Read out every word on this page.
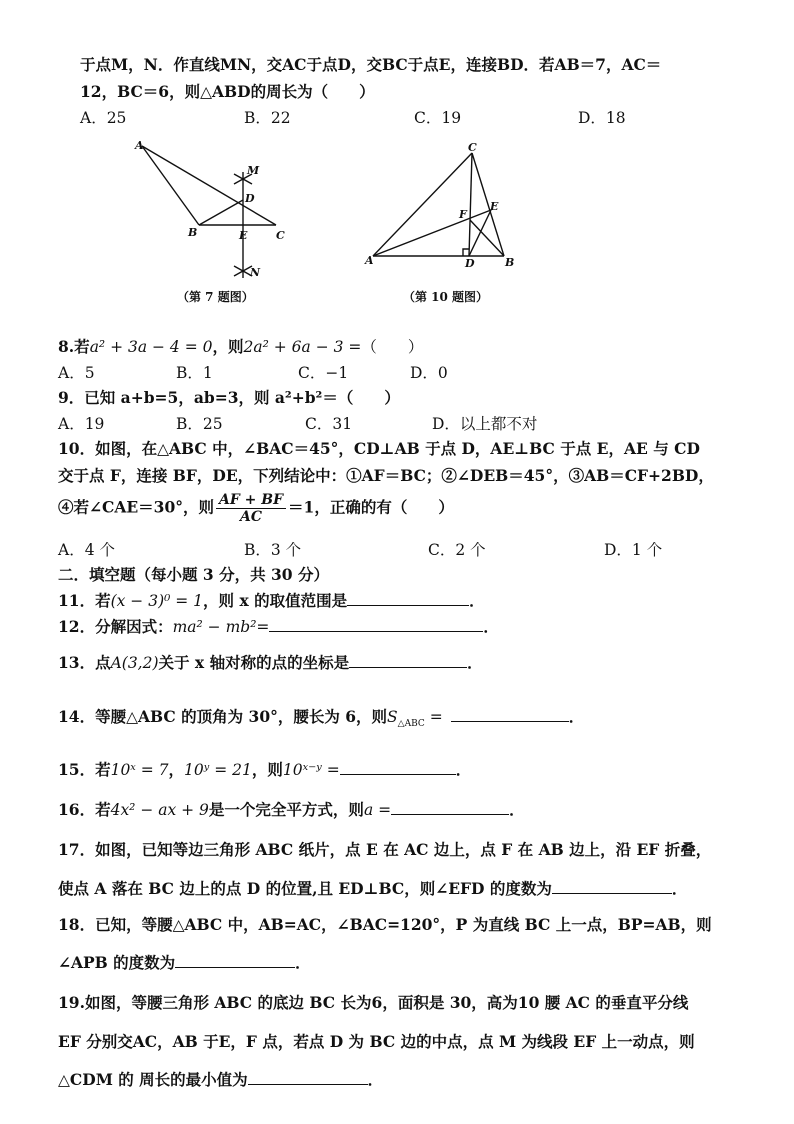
于点M，N．作直线MN，交AC于点D，交BC于点E，连接BD．若AB＝7，AC＝
12，BC＝6，则△ABD的周长为（　　）
A．25	B．22	C．19	D．18
A
B	C
D
E
M
N
（第 7 题图）
A	B
C
D
E
F
（第 10 题图）
8.若a² + 3a − 4 = 0，则2a² + 6a − 3 =（　　）
A．5	B．1	C．−1	D．0
9．已知 a+b=5，ab=3，则 a²+b²＝（　　）
A．19	B．25	C．31	D．以上都不对
10．如图，在△ABC 中，∠BAC＝45°，CD⊥AB 于点 D，AE⊥BC 于点 E，AE 与 CD
交于点 F，连接 BF，DE，下列结论中：①AF＝BC；②∠DEB＝45°，③AB＝CF+2BD，
④若∠CAE＝30°，则 $\frac{AF + BF}{AC} =1$，正确的有（　　）
A．4 个	B．3 个	C．2 个	D．1 个
二．填空题（每小题 3 分，共 30 分）
11．若(x − 3)⁰ = 1，则 x 的取值范围是	．
12．分解因式：ma² − mb²=	．
13．点A(3,2)关于 x 轴对称的点的坐标是	．
14．等腰△ABC 的顶角为 30°，腰长为 6，则$S_{\triangle ABC}$ =	．
15．若10ˣ = 7，10ʸ = 21，则10ˣ⁻ʸ =	．
16．若4x² − ax + 9是一个完全平方式，则a =	．
17．如图，已知等边三角形 ABC 纸片，点 E 在 AC 边上，点 F 在 AB 边上，沿 EF 折叠，
使点 A 落在 BC 边上的点 D 的位置,且 ED⊥BC，则∠EFD 的度数为	．
18．已知，等腰△ABC 中，AB=AC，∠BAC=120°，P 为直线 BC 上一点，BP=AB，则
∠APB 的度数为	．
19.如图，等腰三角形 ABC 的底边 BC 长为6，面积是 30，高为10 腰 AC 的垂直平分线
EF 分别交AC，AB 于E，F 点，若点 D 为 BC 边的中点，点 M 为线段 EF 上一动点，则
△CDM 的 周长的最小值为	．
